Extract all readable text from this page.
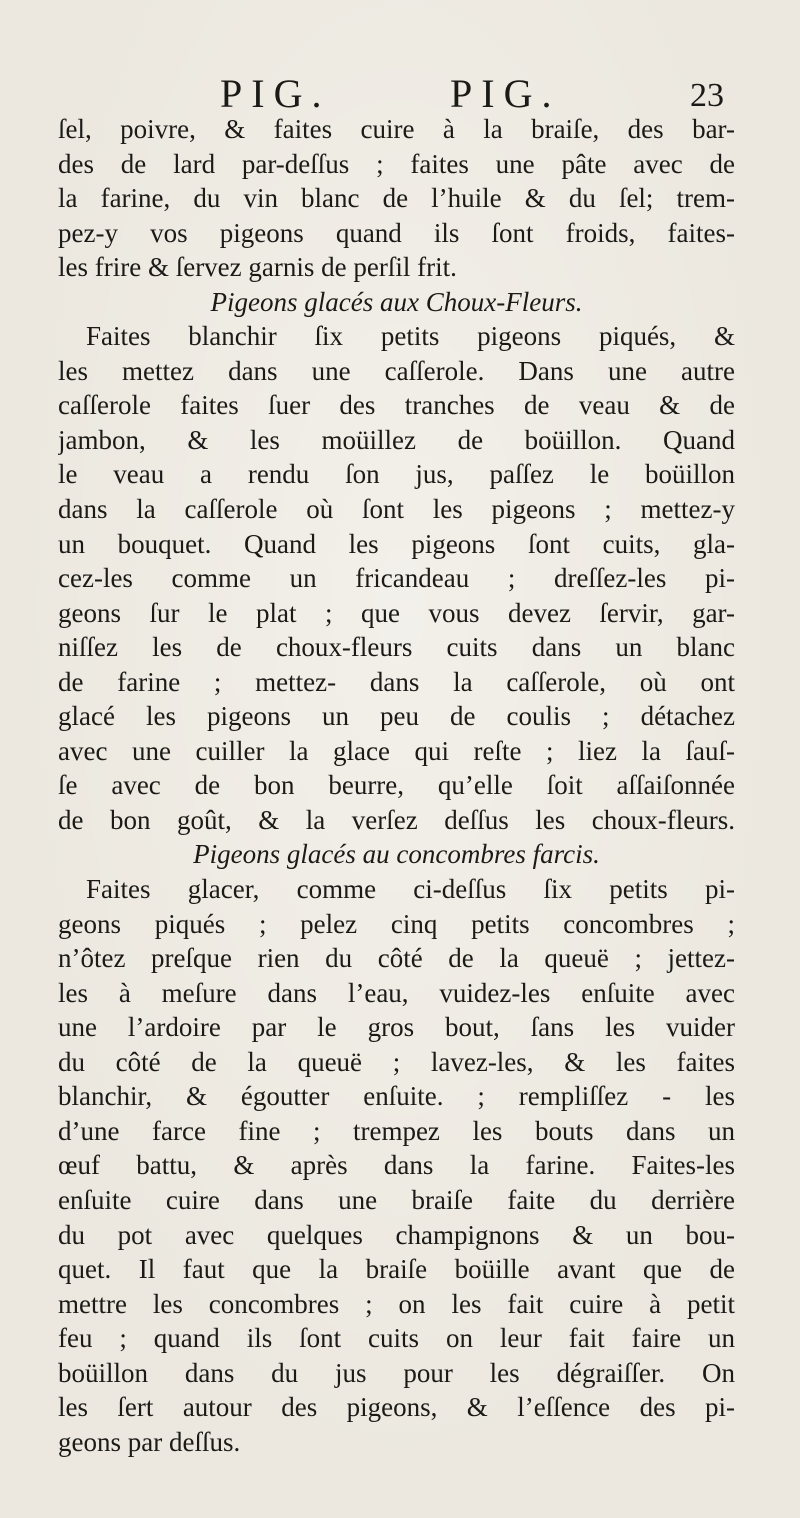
PIG.	PIG.	23
ſel, poivre, & faites cuire à la braiſe, des bar-
des de lard par-deſſus ; faites une pâte avec de
la farine, du vin blanc de l’huile & du ſel; trem-
pez-y vos pigeons quand ils ſont froids, faites-
les frire & ſervez garnis de perſil frit.
Pigeons glacés aux Choux-Fleurs.
Faites blanchir ſix petits pigeons piqués, &
les mettez dans une caſſerole. Dans une autre
caſſerole faites ſuer des tranches de veau & de
jambon, & les moüillez de boüillon. Quand
le veau a rendu ſon jus, paſſez le boüillon
dans la caſſerole où ſont les pigeons ; mettez-y
un bouquet. Quand les pigeons ſont cuits, gla-
cez-les comme un fricandeau ; dreſſez-les pi-
geons ſur le plat ; que vous devez ſervir, gar-
niſſez les de choux-fleurs cuits dans un blanc
de farine ; mettez- dans la caſſerole, où ont
glacé les pigeons un peu de coulis ; détachez
avec une cuiller la glace qui reſte ; liez la ſauſ-
ſe avec de bon beurre, qu’elle ſoit aſſaiſonnée
de bon goût, & la verſez deſſus les choux-fleurs.
Pigeons glacés au concombres farcis.
Faites glacer, comme ci-deſſus ſix petits pi-
geons piqués ; pelez cinq petits concombres ;
n’ôtez preſque rien du côté de la queuë ; jettez-
les à meſure dans l’eau, vuidez-les enſuite avec
une l’ardoire par le gros bout, ſans les vuider
du côté de la queuë ; lavez-les, & les faites
blanchir, & égoutter enſuite. ; rempliſſez - les
d’une farce fine ; trempez les bouts dans un
œuf battu, & après dans la farine. Faites-les
enſuite cuire dans une braiſe faite du derrière
du pot avec quelques champignons & un bou-
quet. Il faut que la braiſe boüille avant que de
mettre les concombres ; on les fait cuire à petit
feu ; quand ils ſont cuits on leur fait faire un
boüillon dans du jus pour les dégraiſſer. On
les ſert autour des pigeons, & l’eſſence des pi-
geons par deſſus.
